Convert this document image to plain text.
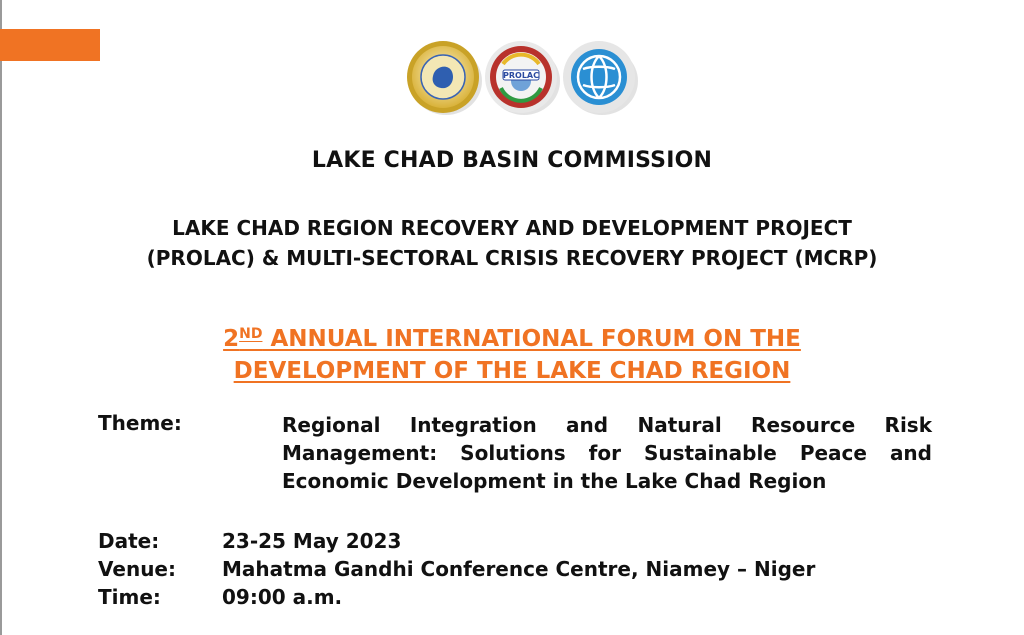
PROLAC
LAKE CHAD BASIN COMMISSION
LAKE CHAD REGION RECOVERY AND DEVELOPMENT PROJECT
(PROLAC) & MULTI-SECTORAL CRISIS RECOVERY PROJECT (MCRP)
2ND ANNUAL INTERNATIONAL FORUM ON THE
DEVELOPMENT OF THE LAKE CHAD REGION
Theme:	Regional Integration and Natural Resource Risk
Management: Solutions for Sustainable Peace and
Economic Development in the Lake Chad Region
Date:	23-25 May 2023
Venue: Mahatma Gandhi Conference Centre, Niamey – Niger
Time:	09:00 a.m.
